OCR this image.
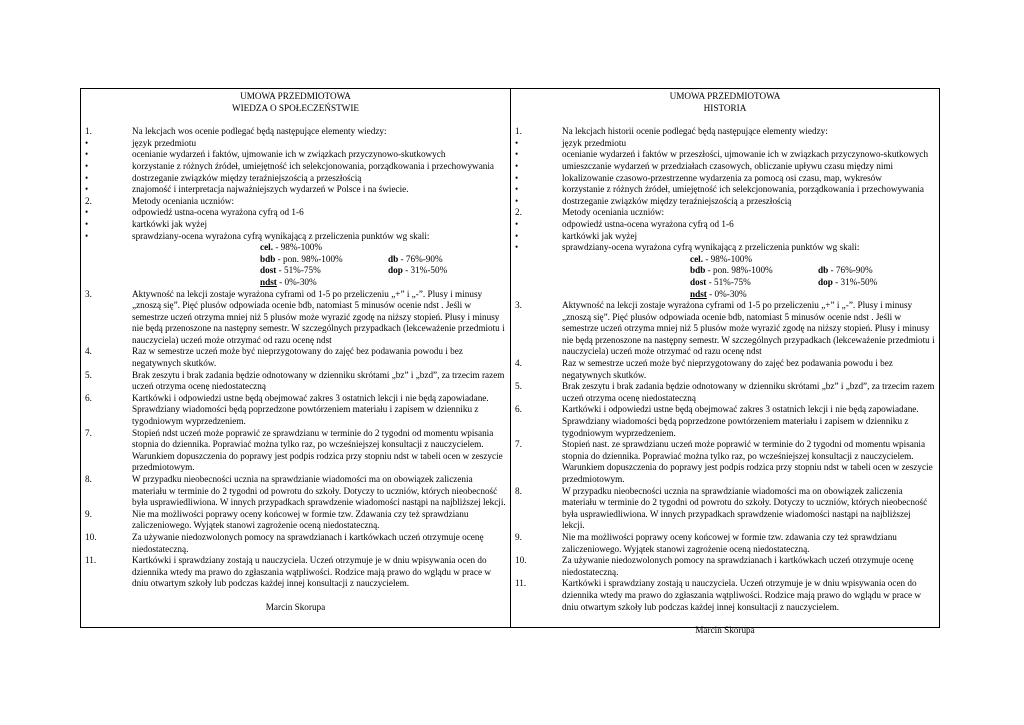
UMOWA PRZEDMIOTOWA
WIEDZA O SPOŁECZEŃSTWIE
1.	Na lekcjach wos ocenie podlegać będą następujące elementy wiedzy:
•
język przedmiotu
•
ocenianie wydarzeń i faktów, ujmowanie ich w związkach przyczynowo-skutkowych
•
korzystanie z różnych źródeł, umiejętność ich selekcjonowania, porządkowania i przechowywania
•
dostrzeganie związków między teraźniejszością a przeszłością
•
znajomość i interpretacja najważniejszych wydarzeń w Polsce i na świecie.
2.	Metody oceniania uczniów:
•
odpowiedź ustna-ocena wyrażona cyfrą od 1-6
•
kartkówki jak wyżej
•
sprawdziany-ocena wyrażona cyfrą wynikającą z przeliczenia punktów wg skali:
cel. - 98%-100%
bdb - pon. 98%-100%	db - 76%-90%
dost - 51%-75%	dop - 31%-50%
ndst - 0%-30%
3.	Aktywność na lekcji zostaje wyrażona cyframi od 1-5 po przeliczeniu „+” i „-”. Plusy i minusy „znoszą się”. Pięć plusów odpowiada ocenie bdb, natomiast 5 minusów ocenie ndst . Jeśli w semestrze uczeń otrzyma mniej niż 5 plusów może wyrazić zgodę na niższy stopień. Plusy i minusy nie będą przenoszone na następny semestr. W szczególnych przypadkach (lekceważenie przedmiotu i nauczyciela) uczeń może otrzymać od razu ocenę ndst
4.	Raz w semestrze uczeń może być nieprzygotowany do zajęć bez podawania powodu i bez negatywnych skutków.
5.	Brak zeszytu i brak zadania będzie odnotowany w dzienniku skrótami „bz” i „bzd”, za trzecim razem uczeń otrzyma ocenę niedostateczną
6.	Kartkówki i odpowiedzi ustne będą obejmować zakres 3 ostatnich lekcji i nie będą zapowiadane. Sprawdziany wiadomości będą poprzedzone powtórzeniem materiału i zapisem w dzienniku z tygodniowym wyprzedzeniem.
7.	Stopień ndst uczeń może poprawić ze sprawdzianu w terminie do 2 tygodni od momentu wpisania stopnia do dziennika. Poprawiać można tylko raz, po wcześniejszej konsultacji z nauczycielem. Warunkiem dopuszczenia do poprawy jest podpis rodzica przy stopniu ndst w tabeli ocen w zeszycie przedmiotowym.
8.	W przypadku nieobecności ucznia na sprawdzianie wiadomości ma on obowiązek zaliczenia materiału w terminie do 2 tygodni od powrotu do szkoły. Dotyczy to uczniów, których nieobecność była usprawiedliwiona. W innych przypadkach sprawdzenie wiadomości nastąpi na najbliższej lekcji.
9.	Nie ma możliwości poprawy oceny końcowej w formie tzw. Zdawania czy też sprawdzianu zaliczeniowego. Wyjątek stanowi zagrożenie oceną niedostateczną.
10.	Za używanie niedozwolonych pomocy na sprawdzianach i kartkówkach uczeń otrzymuje ocenę niedostateczną.
11.	Kartkówki i sprawdziany zostają u nauczyciela. Uczeń otrzymuje je w dniu wpisywania ocen do dziennika wtedy ma prawo do zgłaszania wątpliwości. Rodzice mają prawo do wglądu w prace w dniu otwartym szkoły lub podczas każdej innej konsultacji z nauczycielem.
Marcin Skorupa
UMOWA PRZEDMIOTOWA
HISTORIA
1.	Na lekcjach historii ocenie podlegać będą następujące elementy wiedzy:
•
język przedmiotu
•
ocenianie wydarzeń i faktów w przeszłości, ujmowanie ich w związkach przyczynowo-skutkowych
•
umieszczanie wydarzeń w przedziałach czasowych, obliczanie upływu czasu między nimi
•
lokalizowanie czasowo-przestrzenne wydarzenia za pomocą osi czasu, map, wykresów
•
korzystanie z różnych źródeł, umiejętność ich selekcjonowania, porządkowania i przechowywania
•
dostrzeganie związków między teraźniejszością a przeszłością
2.	Metody oceniania uczniów:
•
odpowiedź ustna-ocena wyrażona cyfrą od 1-6
•
kartkówki jak wyżej
•
sprawdziany-ocena wyrażona cyfrą wynikającą z przeliczenia punktów wg skali:
cel. - 98%-100%
bdb - pon. 98%-100%	db - 76%-90%
dost - 51%-75%	dop - 31%-50%
ndst - 0%-30%
3.	Aktywność na lekcji zostaje wyrażona cyframi od 1-5 po przeliczeniu „+” i „-”. Plusy i minusy „znoszą się”. Pięć plusów odpowiada ocenie bdb, natomiast 5 minusów ocenie ndst . Jeśli w semestrze uczeń otrzyma mniej niż 5 plusów może wyrazić zgodę na niższy stopień. Plusy i minusy nie będą przenoszone na następny semestr. W szczególnych przypadkach (lekceważenie przedmiotu i nauczyciela) uczeń może otrzymać od razu ocenę ndst
4.	Raz w semestrze uczeń może być nieprzygotowany do zajęć bez podawania powodu i bez negatywnych skutków.
5.	Brak zeszytu i brak zadania będzie odnotowany w dzienniku skrótami „bz” i „bzd”, za trzecim razem uczeń otrzyma ocenę niedostateczną
6.	Kartkówki i odpowiedzi ustne będą obejmować zakres 3 ostatnich lekcji i nie będą zapowiadane. Sprawdziany wiadomości będą poprzedzone powtórzeniem materiału i zapisem w dzienniku z tygodniowym wyprzedzeniem.
7.	Stopień nast. ze sprawdzianu uczeń może poprawić w terminie do 2 tygodni od momentu wpisania stopnia do dziennika. Poprawiać można tylko raz, po wcześniejszej konsultacji z nauczycielem. Warunkiem dopuszczenia do poprawy jest podpis rodzica przy stopniu ndst w tabeli ocen w zeszycie przedmiotowym.
8.	W przypadku nieobecności ucznia na sprawdzianie wiadomości ma on obowiązek zaliczenia materiału w terminie do 2 tygodni od powrotu do szkoły. Dotyczy to uczniów, których nieobecność była usprawiedliwiona. W innych przypadkach sprawdzenie wiadomości nastąpi na najbliższej lekcji.
9.	Nie ma możliwości poprawy oceny końcowej w formie tzw. zdawania czy też sprawdzianu zaliczeniowego. Wyjątek stanowi zagrożenie oceną niedostateczną.
10.	Za używanie niedozwolonych pomocy na sprawdzianach i kartkówkach uczeń otrzymuje ocenę niedostateczną.
11.	Kartkówki i sprawdziany zostają u nauczyciela. Uczeń otrzymuje je w dniu wpisywania ocen do dziennika wtedy ma prawo do zgłaszania wątpliwości. Rodzice mają prawo do wglądu w prace w dniu otwartym szkoły lub podczas każdej innej konsultacji z nauczycielem.
Marcin Skorupa
